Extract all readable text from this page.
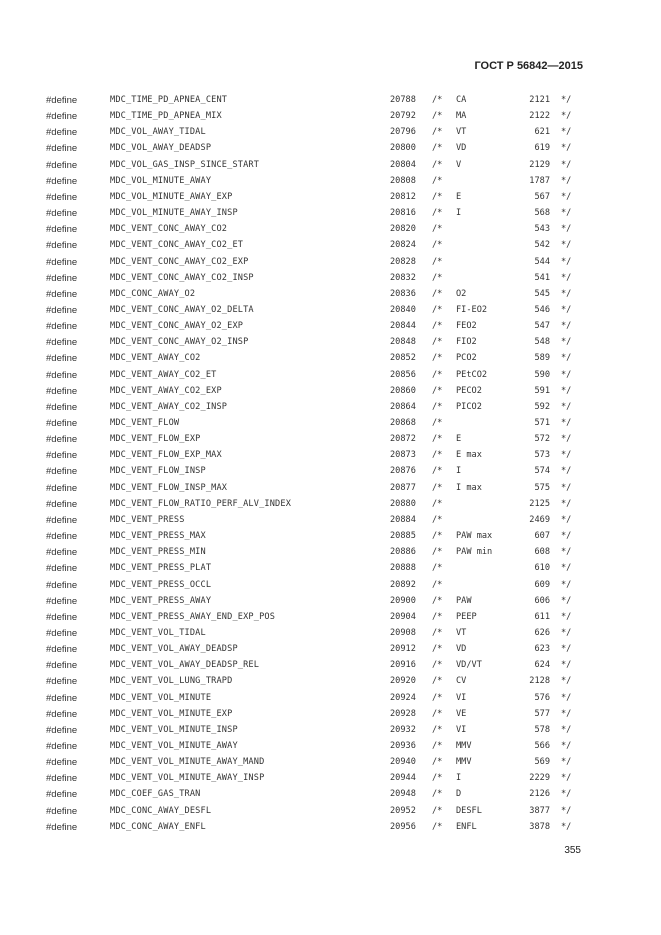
ГОСТ Р 56842—2015
#define	MDC_TIME_PD_APNEA_CENT	20788	/* CA	2121 */
#define	MDC_TIME_PD_APNEA_MIX	20792	/* MA	2122 */
#define	MDC_VOL_AWAY_TIDAL	20796	/* VT	621 */
#define	MDC_VOL_AWAY_DEADSP	20800	/* VD	619 */
#define	MDC_VOL_GAS_INSP_SINCE_START	20804	/* V	2129 */
#define	MDC_VOL_MINUTE_AWAY	20808	/*	1787 */
#define	MDC_VOL_MINUTE_AWAY_EXP	20812	/* E	567 */
#define	MDC_VOL_MINUTE_AWAY_INSP	20816	/* I	568 */
#define	MDC_VENT_CONC_AWAY_CO2	20820	/*	543 */
#define	MDC_VENT_CONC_AWAY_CO2_ET	20824	/*	542 */
#define	MDC_VENT_CONC_AWAY_CO2_EXP	20828	/*	544 */
#define	MDC_VENT_CONC_AWAY_CO2_INSP	20832	/*	541 */
#define	MDC_CONC_AWAY_O2	20836	/* O2	545 */
#define	MDC_VENT_CONC_AWAY_O2_DELTA	20840	/* FI-EO2	546 */
#define	MDC_VENT_CONC_AWAY_O2_EXP	20844	/* FEO2	547 */
#define	MDC_VENT_CONC_AWAY_O2_INSP	20848	/* FIO2	548 */
#define	MDC_VENT_AWAY_CO2	20852	/* PCO2	589 */
#define	MDC_VENT_AWAY_CO2_ET	20856	/* PEtCO2	590 */
#define	MDC_VENT_AWAY_CO2_EXP	20860	/* PECO2	591 */
#define	MDC_VENT_AWAY_CO2_INSP	20864	/* PICO2	592 */
#define	MDC_VENT_FLOW	20868	/*	571 */
#define	MDC_VENT_FLOW_EXP	20872	/* E	572 */
#define	MDC_VENT_FLOW_EXP_MAX	20873	/* E max	573 */
#define	MDC_VENT_FLOW_INSP	20876	/* I	574 */
#define	MDC_VENT_FLOW_INSP_MAX	20877	/* I max	575 */
#define	MDC_VENT_FLOW_RATIO_PERF_ALV_INDEX	20880	/*	2125 */
#define	MDC_VENT_PRESS	20884	/*	2469 */
#define	MDC_VENT_PRESS_MAX	20885	/* PAW max	607 */
#define	MDC_VENT_PRESS_MIN	20886	/* PAW min	608 */
#define	MDC_VENT_PRESS_PLAT	20888	/*	610 */
#define	MDC_VENT_PRESS_OCCL	20892	/*	609 */
#define	MDC_VENT_PRESS_AWAY	20900	/* PAW	606 */
#define	MDC_VENT_PRESS_AWAY_END_EXP_POS	20904	/* PEEP	611 */
#define	MDC_VENT_VOL_TIDAL	20908	/* VT	626 */
#define	MDC_VENT_VOL_AWAY_DEADSP	20912	/* VD	623 */
#define	MDC_VENT_VOL_AWAY_DEADSP_REL	20916	/* VD/VT	624 */
#define	MDC_VENT_VOL_LUNG_TRAPD	20920	/* CV	2128 */
#define	MDC_VENT_VOL_MINUTE	20924	/* VI	576 */
#define	MDC_VENT_VOL_MINUTE_EXP	20928	/* VE	577 */
#define	MDC_VENT_VOL_MINUTE_INSP	20932	/* VI	578 */
#define	MDC_VENT_VOL_MINUTE_AWAY	20936	/* MMV	566 */
#define	MDC_VENT_VOL_MINUTE_AWAY_MAND	20940	/* MMV	569 */
#define	MDC_VENT_VOL_MINUTE_AWAY_INSP	20944	/* I	2229 */
#define	MDC_COEF_GAS_TRAN	20948	/* D	2126 */
#define	MDC_CONC_AWAY_DESFL	20952	/* DESFL	3877 */
#define	MDC_CONC_AWAY_ENFL	20956	/* ENFL	3878 */
355
